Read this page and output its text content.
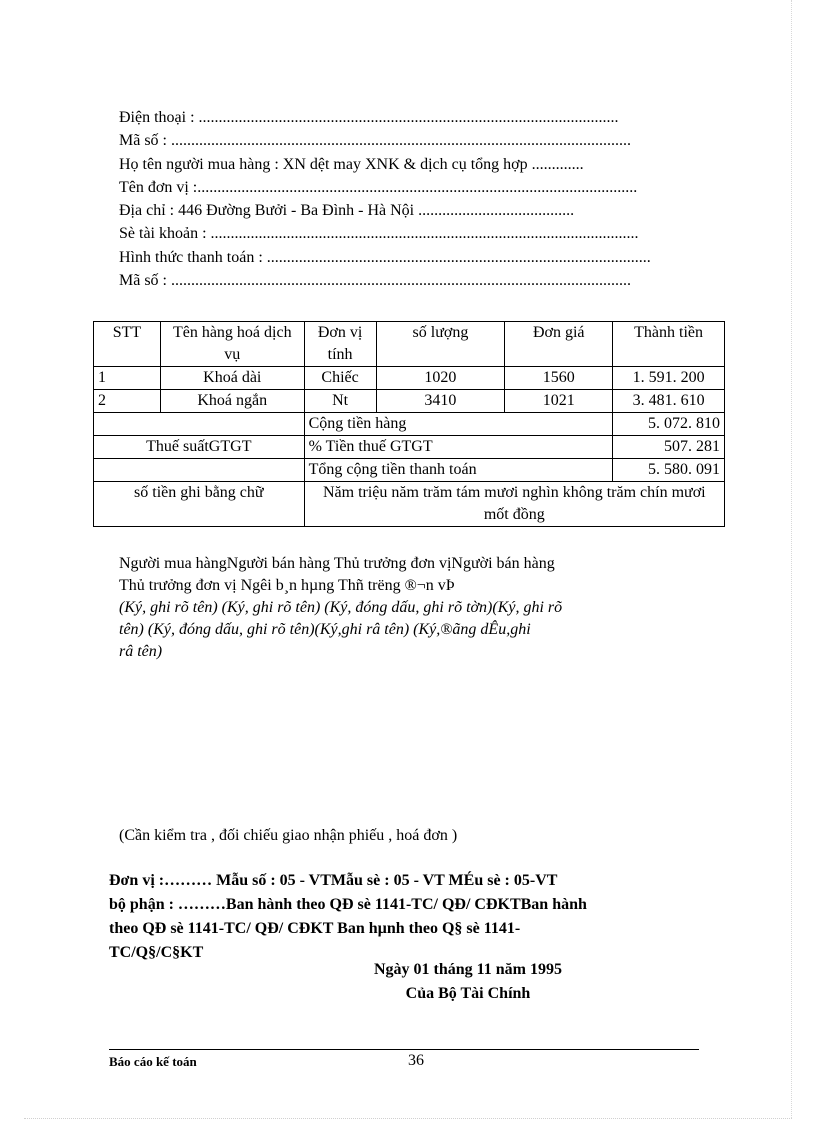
Điện thoại : .........................................................................................................
Mã số : ...................................................................................................................
Họ tên người mua hàng : XN dệt may XNK & dịch cụ tổng hợp .............
Tên đơn vị :..............................................................................................................
Địa chỉ : 446 Đường Bưởi - Ba Đình - Hà Nội .......................................
Sè tài khoản : ...........................................................................................................
Hình thức thanh toán : ................................................................................................
Mã số : ...................................................................................................................
STT	Tên hàng hoá dịch vụ	Đơn vị tính	số lượng	Đơn giá	Thành tiền
1	Khoá dài	Chiếc	1020	1560	1. 591. 200
2	Khoá ngắn	Nt	3410	1021	3. 481. 610
		Cộng tiền hàng			5. 072. 810
Thuế suấtGTGT		% Tiền thuế GTGT			507. 281
		Tổng cộng tiền thanh toán			5. 580. 091
số tiền ghi bằng chữ		Năm triệu năm trăm tám mươi nghìn không trăm chín mươi mốt đồng			
Người mua hàngNgười bán hàng Thủ trưởng đơn vịNgười bán hàng
Thủ trưởng đơn vị Ngêi b¸n hµng Thñ trëng ®¬n vÞ
(Ký, ghi rõ tên) (Ký, ghi rõ tên) (Ký, đóng dấu, ghi rõ tờn)(Ký, ghi rõ
tên) (Ký, đóng dấu, ghi rõ tên)(Ký,ghi râ tên) (Ký,®ãng dÊu,ghi
râ tên)
(Cần kiểm tra , đối chiếu giao nhận phiếu , hoá đơn )
Đơn vị :……… Mẫu số : 05 - VTMẫu sè : 05 - VT MÉu sè : 05-VT
bộ phận : ………Ban hành theo QĐ sè 1141-TC/ QĐ/ CĐKTBan hành
theo QĐ sè 1141-TC/ QĐ/ CĐKT Ban hµnh theo Q§ sè 1141-
TC/Q§/C§KT
Ngày 01 tháng 11 năm 1995
Của Bộ Tài Chính
Báo cáo kế toán	36
